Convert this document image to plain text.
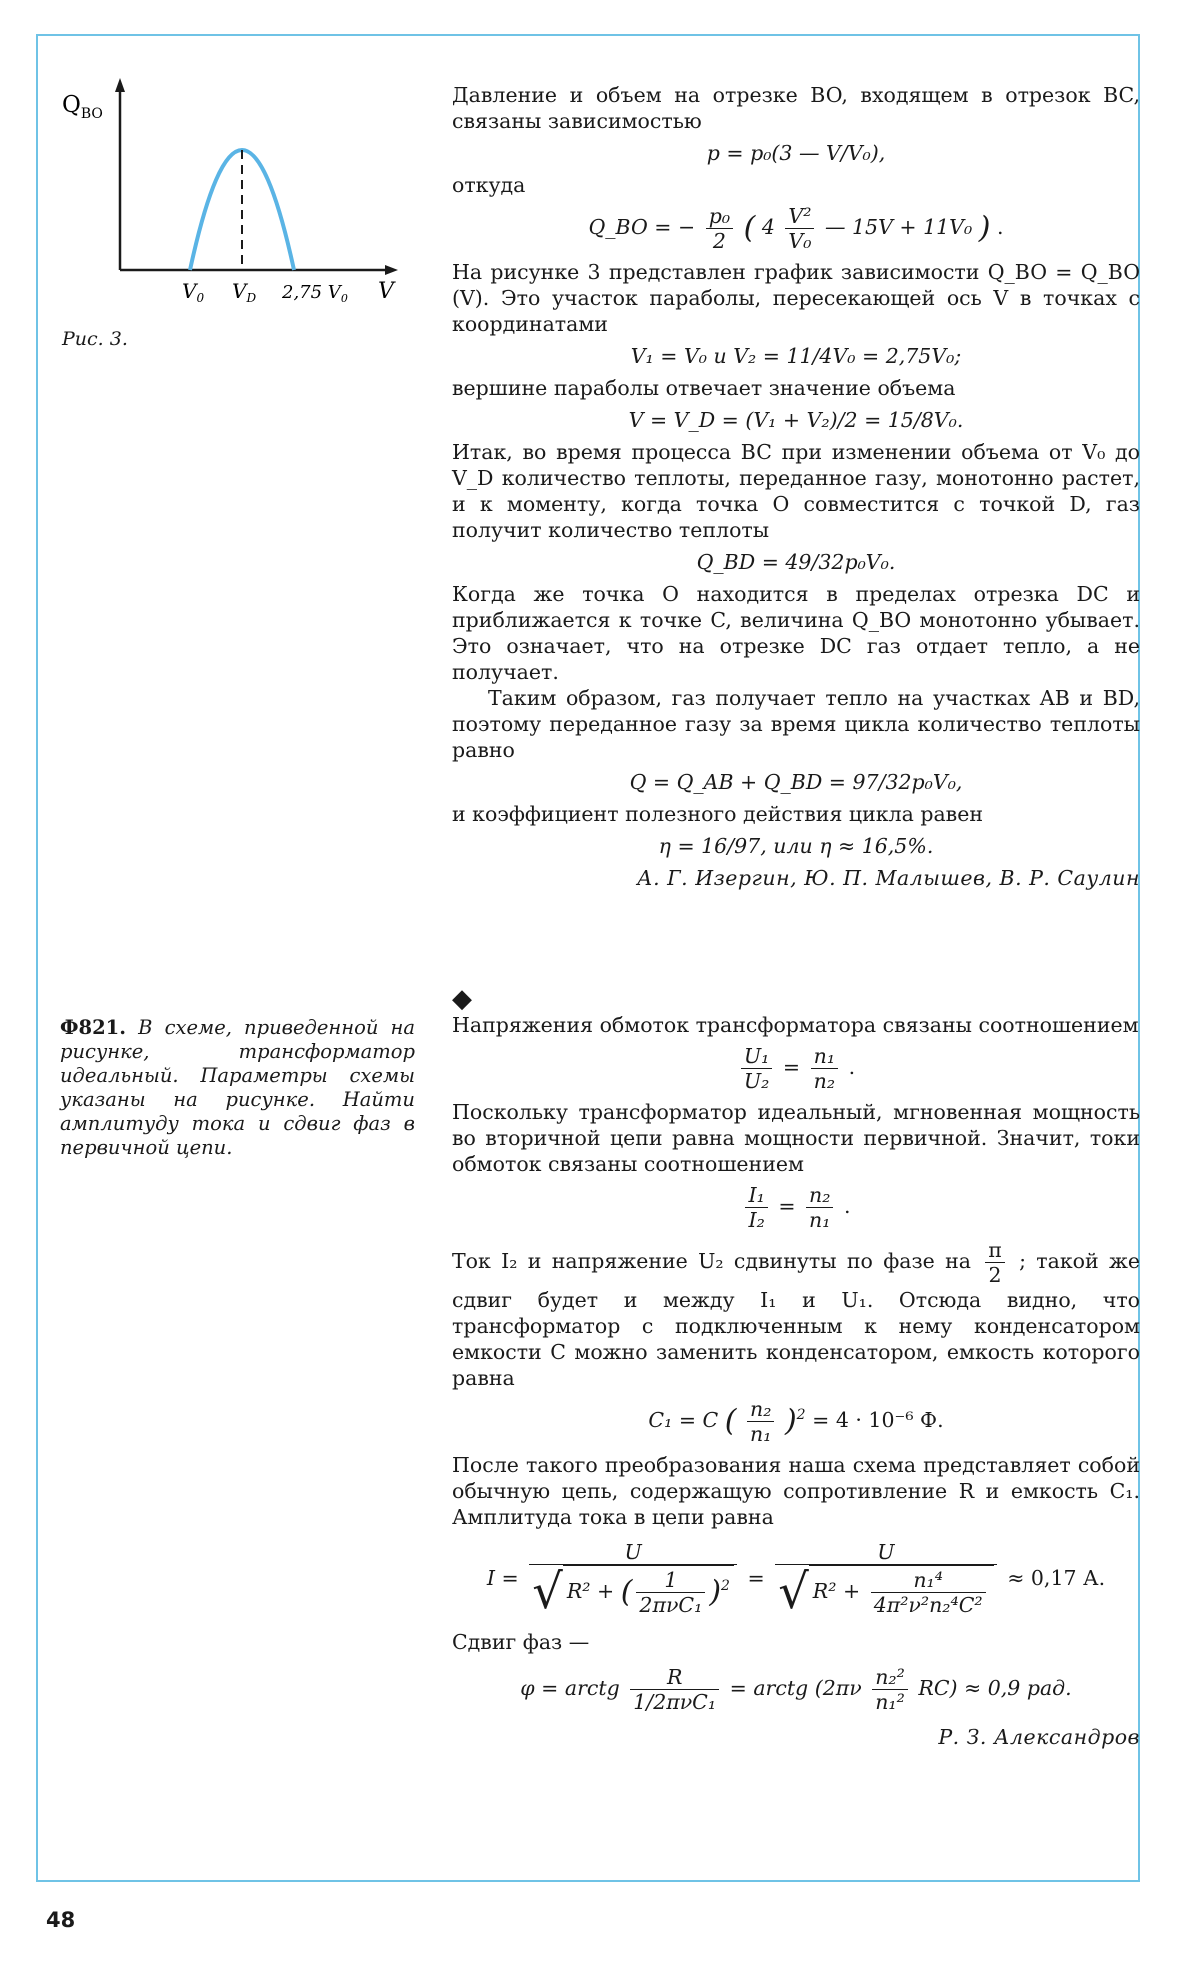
$Q_{BO}$
$V_0$ $V_D$ 2,75 $V_0$ V
Рис. 3.

Давление и объем на отрезке BO, входящем в отрезок BC, связаны зависимостью

p = p₀(3 — V/V₀),

откуда

Q_BO = − $\frac{\text{p₀}}{2}$ ( $4 \frac{\text{V²}}{\text{V₀}}$ — 15V + 11V₀ ) .

На рисунке 3 представлен график зависимости Q_BO = Q_BO (V). Это участок параболы, пересекающей ось V в точках с координатами

V₁ = V₀ и V₂ = 11/4V₀ = 2,75V₀;

вершине параболы отвечает значение объема

V = V_D = (V₁ + V₂)/2 = 15/8V₀.

Итак, во время процесса BC при изменении объема от V₀ до V_D количество теплоты, переданное газу, монотонно растет, и к моменту, когда точка O совместится с точкой D, газ получит количество теплоты

Q_BD = 49/32p₀V₀.

Когда же точка O находится в пределах отрезка DC и приближается к точке C, величина Q_BO монотонно убывает. Это означает, что на отрезке DC газ отдает тепло, а не получает.

Таким образом, газ получает тепло на участках AB и BD, поэтому переданное газу за время цикла количество теплоты равно

Q = Q_AB + Q_BD = 97/32p₀V₀,

и коэффициент полезного действия цикла равен

η = 16/97, или η ≈ 16,5%.
А. Г. Изергин, Ю. П. Малышев, В. Р. Саулин
Ф821. В схеме, приведенной на рисунке, трансформатор идеальный. Параметры схемы указаны на рисунке. Найти амплитуду тока и сдвиг фаз в первичной цепи.
◆

Напряжения обмоток трансформатора связаны соотношением

$\frac{\text{U₁}}{\text{U₂}} = \frac{\text{n₁}}{\text{n₂}}$ .

Поскольку трансформатор идеальный, мгновенная мощность во вторичной цепи равна мощности первичной. Значит, токи обмоток связаны соотношением

$\frac{\text{I₁}}{\text{I₂}} = \frac{\text{n₂}}{\text{n₁}}$ .

Ток I₂ и напряжение U₂ сдвинуты по фазе на $\frac{\pi}{2}$ ; такой же сдвиг будет и между I₁ и U₁. Отсюда видно, что трансформатор с подключенным к нему конденсатором емкости C можно заменить конденсатором, емкость которого равна

C₁ = C ( $\frac{\text{n₂}}{\text{n₁}} )^2 = 4 \cdot 10^{-6}$ Ф.

После такого преобразования наша схема представляет собой обычную цепь, содержащую сопротивление R и емкость C₁. Амплитуда тока в цепи равна

$I = \frac{U}{√ R^2 + ( \frac{1}{\text{2πνC₁}} )^2} = \frac{U}{√ R^2 + \frac{\text{n₁⁴}}{\text{4π²ν²n₂⁴C²}}} \approx 0,17$ А.

Сдвиг фаз —

φ = arctg $\frac{R}{\text{1/2πνC₁}}$ = arctg $(2\pi\nu \frac{\text{n₂²}}{\text{n₁²}} RC) \approx 0,9$ рад.
Р. З. Александров
48
